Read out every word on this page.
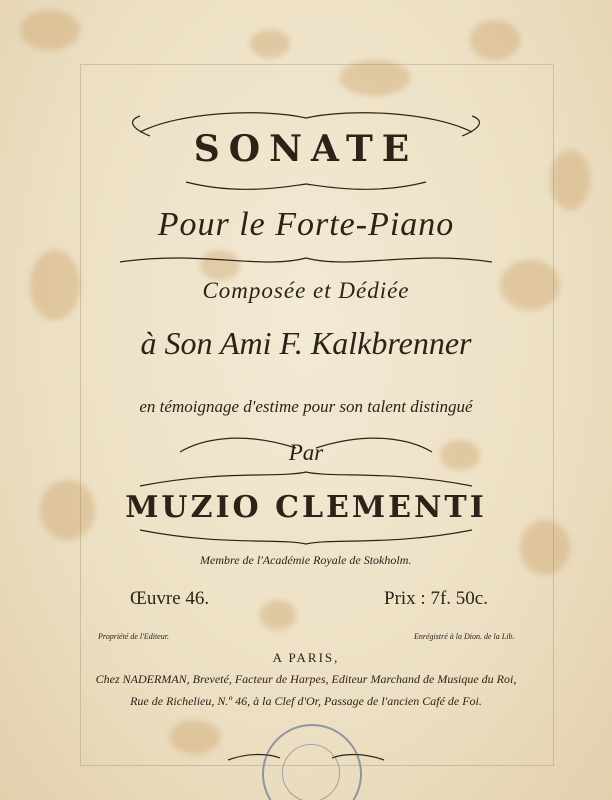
SONATE
Pour le Forte-Piano
Composée et Dédiée
à Son Ami F. Kalkbrenner
en témoignage d'estime pour son talent distingué
Par
MUZIO CLEMENTI
Membre de l'Académie Royale de Stokholm.
Œuvre 46.	Prix : 7f. 50c.
Propriété de l'Editeur.	Enrégistré à la Dion. de la Lib.
A PARIS,
Chez NADERMAN, Breveté, Facteur de Harpes, Editeur Marchand de Musique du Roi,
Rue de Richelieu, N.º 46, à la Clef d'Or, Passage de l'ancien Café de Foi.
